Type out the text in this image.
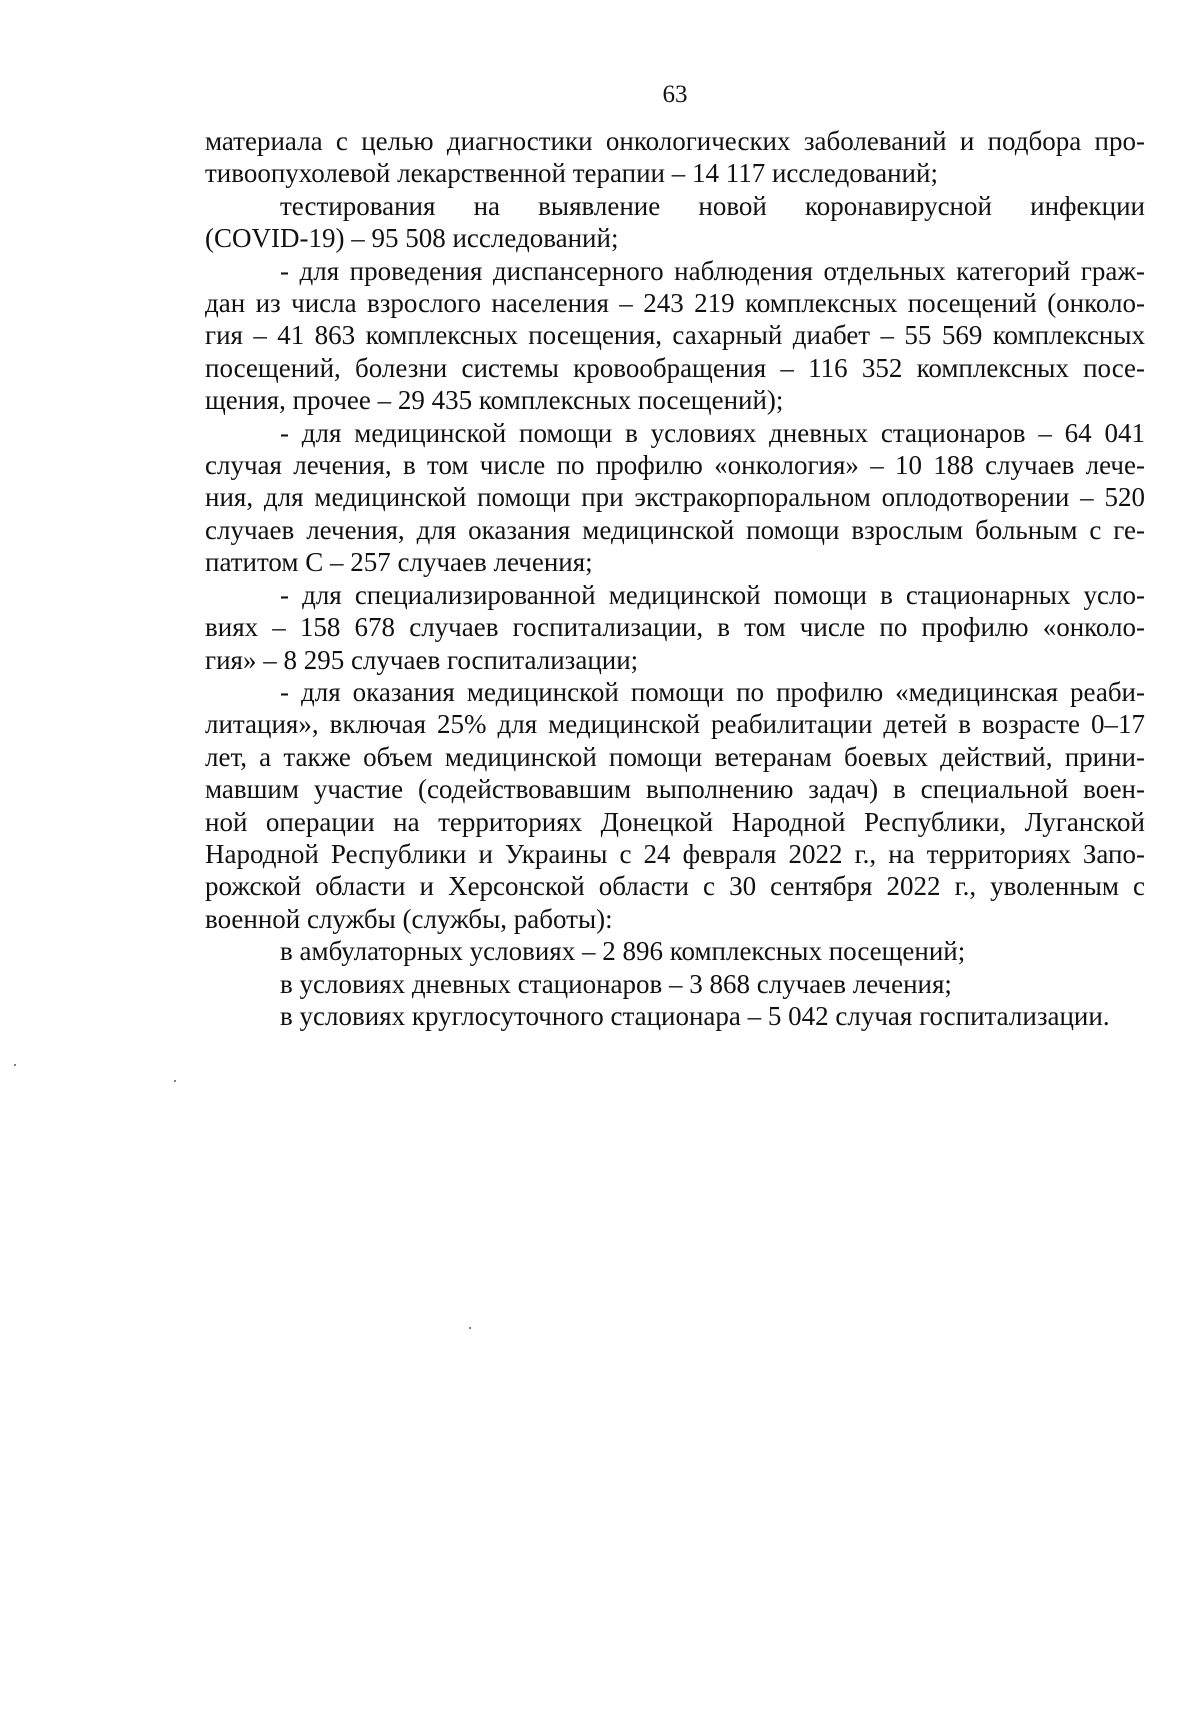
63
материала с целью диагностики онкологических заболеваний и подбора про-
тивоопухолевой лекарственной терапии – 14 117 исследований;
тестирования на выявление новой коронавирусной инфекции
(COVID-19) – 95 508 исследований;
- для проведения диспансерного наблюдения отдельных категорий граж-
дан из числа взрослого населения – 243 219 комплексных посещений (онколо-
гия – 41 863 комплексных посещения, сахарный диабет – 55 569 комплексных
посещений, болезни системы кровообращения – 116 352 комплексных посе-
щения, прочее – 29 435 комплексных посещений);
- для медицинской помощи в условиях дневных стационаров – 64 041
случая лечения, в том числе по профилю «онкология» – 10 188 случаев лече-
ния, для медицинской помощи при экстракорпоральном оплодотворении – 520
случаев лечения, для оказания медицинской помощи взрослым больным с ге-
патитом С – 257 случаев лечения;
- для специализированной медицинской помощи в стационарных усло-
виях – 158 678 случаев госпитализации, в том числе по профилю «онколо-
гия» – 8 295 случаев госпитализации;
- для оказания медицинской помощи по профилю «медицинская реаби-
литация», включая 25% для медицинской реабилитации детей в возрасте 0–17
лет, а также объем медицинской помощи ветеранам боевых действий, прини-
мавшим участие (содействовавшим выполнению задач) в специальной воен-
ной операции на территориях Донецкой Народной Республики, Луганской
Народной Республики и Украины с 24 февраля 2022 г., на территориях Запо-
рожской области и Херсонской области с 30 сентября 2022 г., уволенным с
военной службы (службы, работы):
в амбулаторных условиях – 2 896 комплексных посещений;
в условиях дневных стационаров – 3 868 случаев лечения;
в условиях круглосуточного стационара – 5 042 случая госпитализации.
